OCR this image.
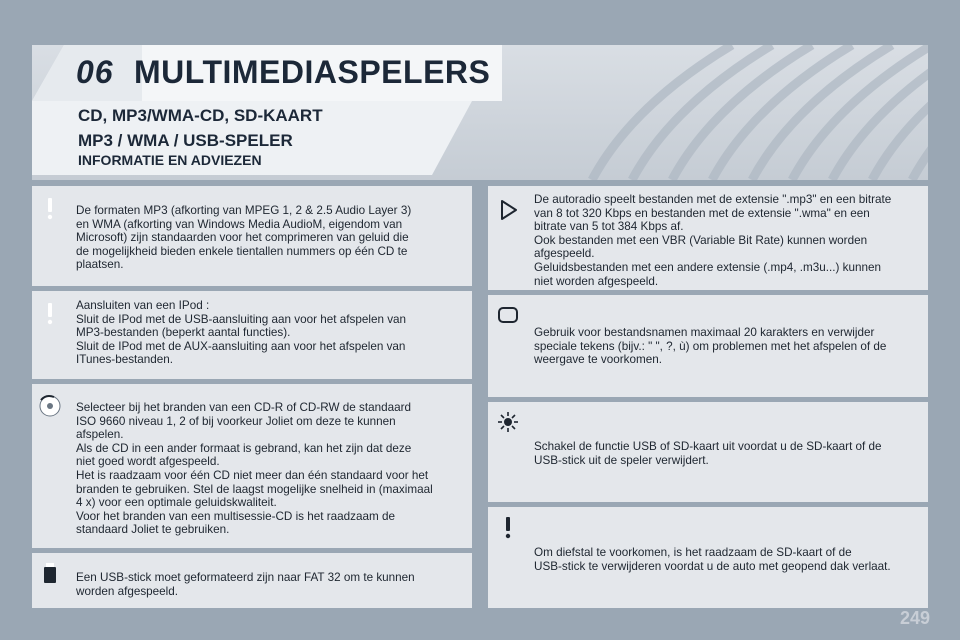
06 MULTIMEDIASPELERS
CD, MP3/WMA-CD, SD-KAART
MP3 / WMA / USB-SPELER
INFORMATIE EN ADVIEZEN
De formaten MP3 (afkorting van MPEG 1, 2 & 2.5 Audio Layer 3)
en WMA (afkorting van Windows Media AudioM, eigendom van
Microsoft) zijn standaarden voor het comprimeren van geluid die
de mogelijkheid bieden enkele tientallen nummers op één CD te
plaatsen.
Aansluiten van een IPod :
Sluit de IPod met de USB-aansluiting aan voor het afspelen van
MP3-bestanden (beperkt aantal functies).
Sluit de IPod met de AUX-aansluiting aan voor het afspelen van
ITunes-bestanden.
Selecteer bij het branden van een CD-R of CD-RW de standaard
ISO 9660 niveau 1, 2 of bij voorkeur Joliet om deze te kunnen
afspelen.
Als de CD in een ander formaat is gebrand, kan het zijn dat deze
niet goed wordt afgespeeld.
Het is raadzaam voor één CD niet meer dan één standaard voor het
branden te gebruiken. Stel de laagst mogelijke snelheid in (maximaal
4 x) voor een optimale geluidskwaliteit.
Voor het branden van een multisessie-CD is het raadzaam de
standaard Joliet te gebruiken.
Een USB-stick moet geformateerd zijn naar FAT 32 om te kunnen
worden afgespeeld.
De autoradio speelt bestanden met de extensie ".mp3" en een bitrate
van 8 tot 320 Kbps en bestanden met de extensie ".wma" en een
bitrate van 5 tot 384 Kbps af.
Ook bestanden met een VBR (Variable Bit Rate) kunnen worden
afgespeeld.
Geluidsbestanden met een andere extensie (.mp4, .m3u...) kunnen
niet worden afgespeeld.
Gebruik voor bestandsnamen maximaal 20 karakters en verwijder
speciale tekens (bijv.: " ", ?, ù) om problemen met het afspelen of de
weergave te voorkomen.
Schakel de functie USB of SD-kaart uit voordat u de SD-kaart of de
USB-stick uit de speler verwijdert.
Om diefstal te voorkomen, is het raadzaam de SD-kaart of de
USB-stick te verwijderen voordat u de auto met geopend dak verlaat.
249
